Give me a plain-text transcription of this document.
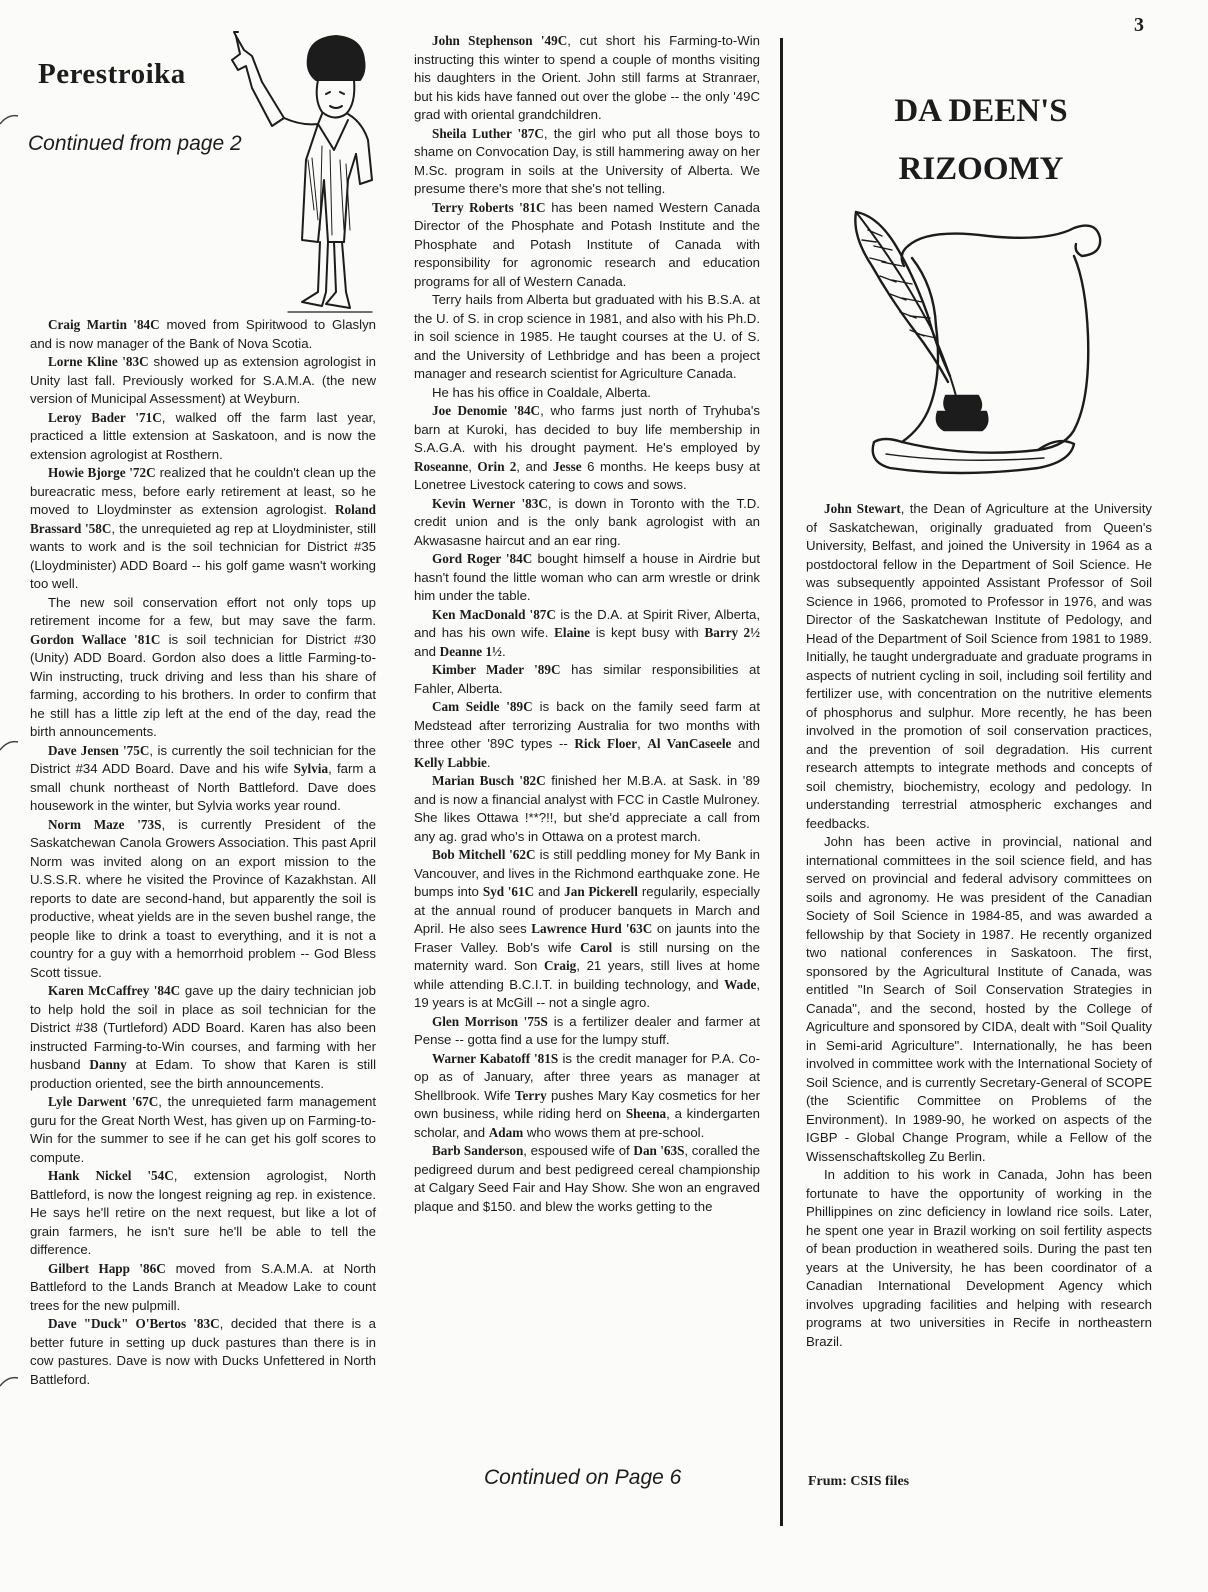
3
Perestroika

Continued from page 2

Craig Martin '84C moved from Spiritwood to Glaslyn and is now manager of the Bank of Nova Scotia.

Lorne Kline '83C showed up as extension agrologist in Unity last fall. Previously worked for S.A.M.A. (the new version of Municipal Assessment) at Weyburn.

Leroy Bader '71C, walked off the farm last year, practiced a little extension at Saskatoon, and is now the extension agrologist at Rosthern.

Howie Bjorge '72C realized that he couldn't clean up the bureacratic mess, before early retirement at least, so he moved to Lloydminster as extension agrologist. Roland Brassard '58C, the unrequieted ag rep at Lloydminister, still wants to work and is the soil technician for District #35 (Lloydminister) ADD Board -- his golf game wasn't working too well.

The new soil conservation effort not only tops up retirement income for a few, but may save the farm. Gordon Wallace '81C is soil technician for District #30 (Unity) ADD Board. Gordon also does a little Farming-to-Win instructing, truck driving and less than his share of farming, according to his brothers. In order to confirm that he still has a little zip left at the end of the day, read the birth announcements.

Dave Jensen '75C, is currently the soil technician for the District #34 ADD Board. Dave and his wife Sylvia, farm a small chunk northeast of North Battleford. Dave does housework in the winter, but Sylvia works year round.

Norm Maze '73S, is currently President of the Saskatchewan Canola Growers Association. This past April Norm was invited along on an export mission to the U.S.S.R. where he visited the Province of Kazakhstan. All reports to date are second-hand, but apparently the soil is productive, wheat yields are in the seven bushel range, the people like to drink a toast to everything, and it is not a country for a guy with a hemorrhoid problem -- God Bless Scott tissue.

Karen McCaffrey '84C gave up the dairy technician job to help hold the soil in place as soil technician for the District #38 (Turtleford) ADD Board. Karen has also been instructed Farming-to-Win courses, and farming with her husband Danny at Edam. To show that Karen is still production oriented, see the birth announcements.

Lyle Darwent '67C, the unrequieted farm management guru for the Great North West, has given up on Farming-to-Win for the summer to see if he can get his golf scores to compute.

Hank Nickel '54C, extension agrologist, North Battleford, is now the longest reigning ag rep. in existence. He says he'll retire on the next request, but like a lot of grain farmers, he isn't sure he'll be able to tell the difference.

Gilbert Happ '86C moved from S.A.M.A. at North Battleford to the Lands Branch at Meadow Lake to count trees for the new pulpmill.

Dave "Duck" O'Bertos '83C, decided that there is a better future in setting up duck pastures than there is in cow pastures. Dave is now with Ducks Unfettered in North Battleford.

John Stephenson '49C, cut short his Farming-to-Win instructing this winter to spend a couple of months visiting his daughters in the Orient. John still farms at Stranraer, but his kids have fanned out over the globe -- the only '49C grad with oriental grandchildren.

Sheila Luther '87C, the girl who put all those boys to shame on Convocation Day, is still hammering away on her M.Sc. program in soils at the University of Alberta. We presume there's more that she's not telling.

Terry Roberts '81C has been named Western Canada Director of the Phosphate and Potash Institute and the Phosphate and Potash Institute of Canada with responsibility for agronomic research and education programs for all of Western Canada.

Terry hails from Alberta but graduated with his B.S.A. at the U. of S. in crop science in 1981, and also with his Ph.D. in soil science in 1985. He taught courses at the U. of S. and the University of Lethbridge and has been a project manager and research scientist for Agriculture Canada.

He has his office in Coaldale, Alberta.

Joe Denomie '84C, who farms just north of Tryhuba's barn at Kuroki, has decided to buy life membership in S.A.G.A. with his drought payment. He's employed by Roseanne, Orin 2, and Jesse 6 months. He keeps busy at Lonetree Livestock catering to cows and sows.

Kevin Werner '83C, is down in Toronto with the T.D. credit union and is the only bank agrologist with an Akwasasne haircut and an ear ring.

Gord Roger '84C bought himself a house in Airdrie but hasn't found the little woman who can arm wrestle or drink him under the table.

Ken MacDonald '87C is the D.A. at Spirit River, Alberta, and has his own wife. Elaine is kept busy with Barry 2½ and Deanne 1½.

Kimber Mader '89C has similar responsibilities at Fahler, Alberta.

Cam Seidle '89C is back on the family seed farm at Medstead after terrorizing Australia for two months with three other '89C types -- Rick Floer, Al VanCaseele and Kelly Labbie.

Marian Busch '82C finished her M.B.A. at Sask. in '89 and is now a financial analyst with FCC in Castle Mulroney. She likes Ottawa !**?!!, but she'd appreciate a call from any ag. grad who's in Ottawa on a protest march.

Bob Mitchell '62C is still peddling money for My Bank in Vancouver, and lives in the Richmond earthquake zone. He bumps into Syd '61C and Jan Pickerell regularily, especially at the annual round of producer banquets in March and April. He also sees Lawrence Hurd '63C on jaunts into the Fraser Valley. Bob's wife Carol is still nursing on the maternity ward. Son Craig, 21 years, still lives at home while attending B.C.I.T. in building technology, and Wade, 19 years is at McGill -- not a single agro.

Glen Morrison '75S is a fertilizer dealer and farmer at Pense -- gotta find a use for the lumpy stuff.

Warner Kabatoff '81S is the credit manager for P.A. Co-op as of January, after three years as manager at Shellbrook. Wife Terry pushes Mary Kay cosmetics for her own business, while riding herd on Sheena, a kindergarten scholar, and Adam who wows them at pre-school.

Barb Sanderson, espoused wife of Dan '63S, coralled the pedigreed durum and best pedigreed cereal championship at Calgary Seed Fair and Hay Show. She won an engraved plaque and $150. and blew the works getting to the

Continued on Page 6
DA DEEN'S
RIZOOMY

John Stewart, the Dean of Agriculture at the University of Saskatchewan, originally graduated from Queen's University, Belfast, and joined the University in 1964 as a postdoctoral fellow in the Department of Soil Science. He was subsequently appointed Assistant Professor of Soil Science in 1966, promoted to Professor in 1976, and was Director of the Saskatchewan Institute of Pedology, and Head of the Department of Soil Science from 1981 to 1989. Initially, he taught undergraduate and graduate programs in aspects of nutrient cycling in soil, including soil fertility and fertilizer use, with concentration on the nutritive elements of phosphorus and sulphur. More recently, he has been involved in the promotion of soil conservation practices, and the prevention of soil degradation. His current research attempts to integrate methods and concepts of soil chemistry, biochemistry, ecology and pedology. In understanding terrestrial atmospheric exchanges and feedbacks.

John has been active in provincial, national and international committees in the soil science field, and has served on provincial and federal advisory committees on soils and agronomy. He was president of the Canadian Society of Soil Science in 1984-85, and was awarded a fellowship by that Society in 1987. He recently organized two national conferences in Saskatoon. The first, sponsored by the Agricultural Institute of Canada, was entitled "In Search of Soil Conservation Strategies in Canada", and the second, hosted by the College of Agriculture and sponsored by CIDA, dealt with "Soil Quality in Semi-arid Agriculture". Internationally, he has been involved in committee work with the International Society of Soil Science, and is currently Secretary-General of SCOPE (the Scientific Committee on Problems of the Environment). In 1989-90, he worked on aspects of the IGBP - Global Change Program, while a Fellow of the Wissenschaftskolleg Zu Berlin.

In addition to his work in Canada, John has been fortunate to have the opportunity of working in the Phillippines on zinc deficiency in lowland rice soils. Later, he spent one year in Brazil working on soil fertility aspects of bean production in weathered soils. During the past ten years at the University, he has been coordinator of a Canadian International Development Agency which involves upgrading facilities and helping with research programs at two universities in Recife in northeastern Brazil.

Frum: CSIS files
